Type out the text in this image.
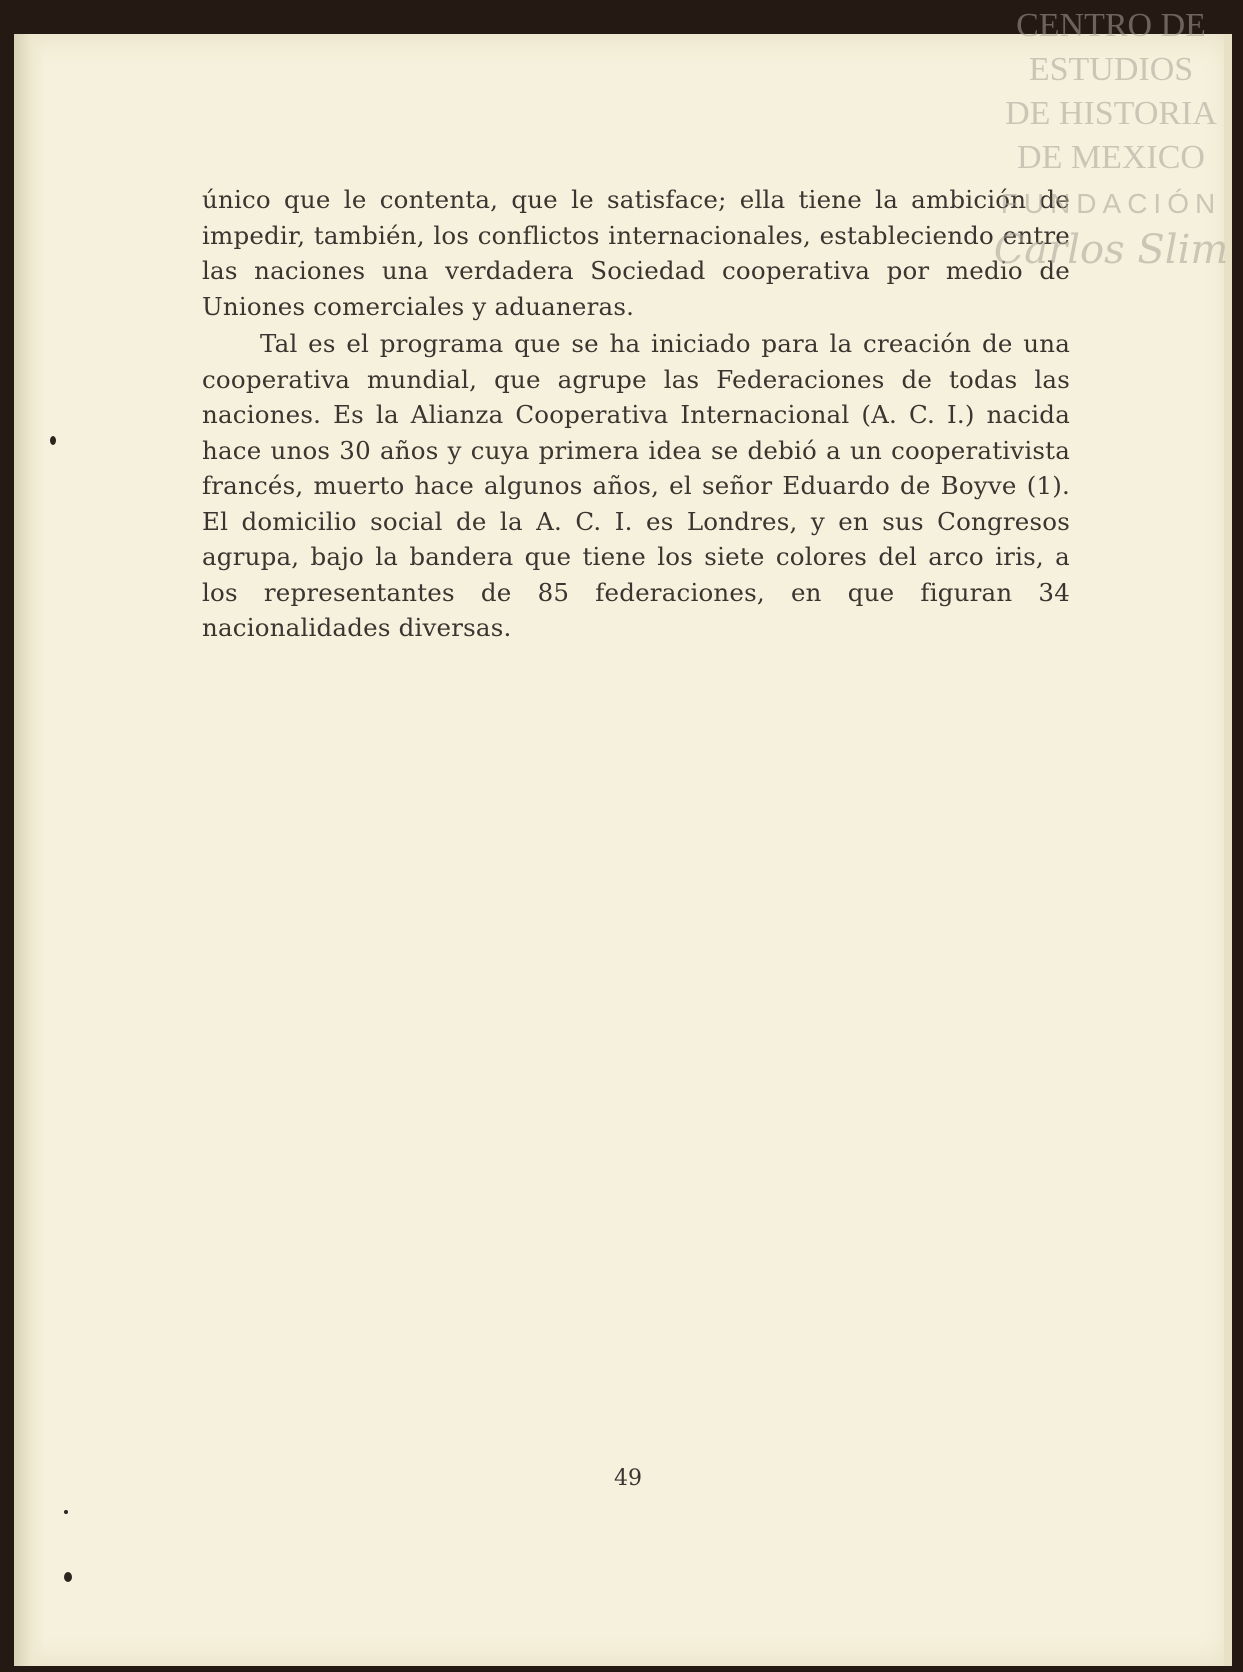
único que le contenta, que le satisface; ella tiene la ambición de impedir, también, los conflictos internacionales, estableciendo entre las naciones una verdadera Sociedad cooperativa por medio de Uniones comerciales y aduaneras.

Tal es el programa que se ha iniciado para la creación de una cooperativa mundial, que agrupe las Federaciones de todas las naciones. Es la Alianza Cooperativa Internacional (A. C. I.) nacida hace unos 30 años y cuya primera idea se debió a un cooperativista francés, muerto hace algunos años, el señor Eduardo de Boyve (1). El domicilio social de la A. C. I. es Londres, y en sus Congresos agrupa, bajo la bandera que tiene los siete colores del arco iris, a los representantes de 85 federaciones, en que figuran 34 nacionalidades diversas.

49
CENTRO DE
ESTUDIOS
DE HISTORIA
DE MEXICO
FUNDACIÓN
Carlos Slim
